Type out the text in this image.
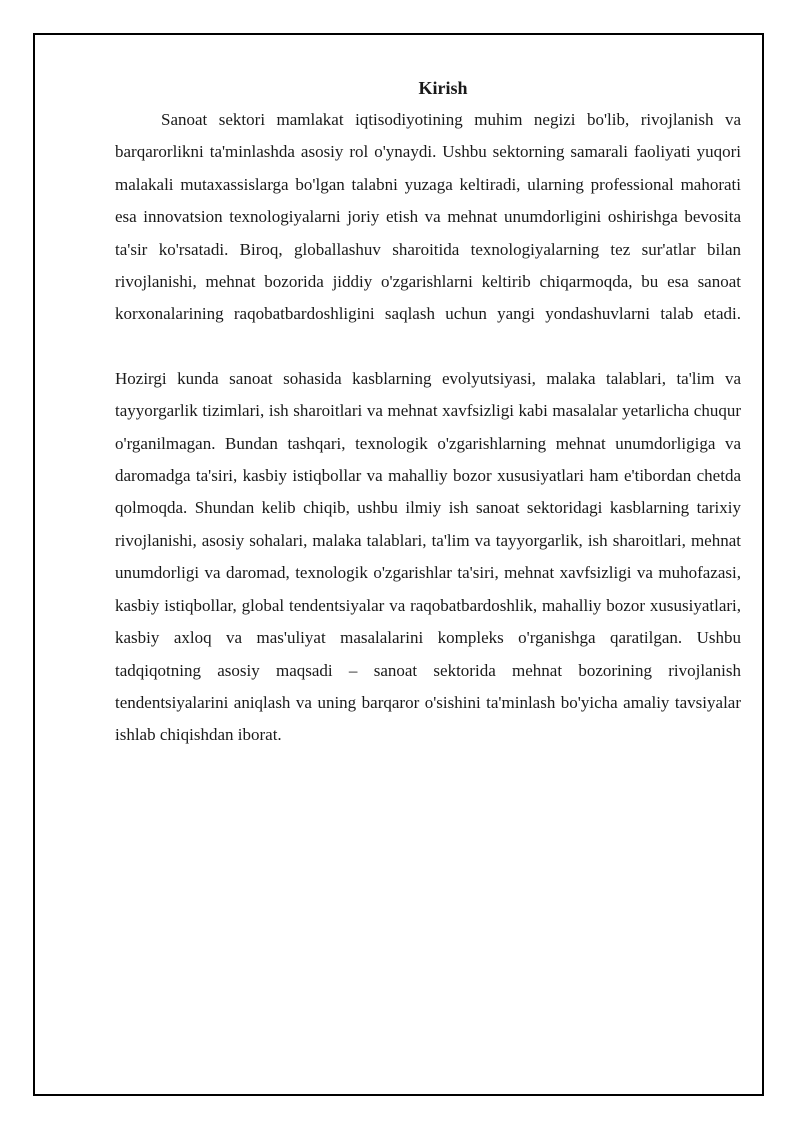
Kirish

Sanoat sektori mamlakat iqtisodiyotining muhim negizi bo'lib, rivojlanish va barqarorlikni ta'minlashda asosiy rol o'ynaydi. Ushbu sektorning samarali faoliyati yuqori malakali mutaxassislarga bo'lgan talabni yuzaga keltiradi, ularning professional mahorati esa innovatsion texnologiyalarni joriy etish va mehnat unumdorligini oshirishga bevosita ta'sir ko'rsatadi. Biroq, globallashuv sharoitida texnologiyalarning tez sur'atlar bilan rivojlanishi, mehnat bozorida jiddiy o'zgarishlarni keltirib chiqarmoqda, bu esa sanoat korxonalarining raqobatbardoshligini saqlash uchun yangi yondashuvlarni talab etadi.

Hozirgi kunda sanoat sohasida kasblarning evolyutsiyasi, malaka talablari, ta'lim va tayyorgarlik tizimlari, ish sharoitlari va mehnat xavfsizligi kabi masalalar yetarlicha chuqur o'rganilmagan. Bundan tashqari, texnologik o'zgarishlarning mehnat unumdorligiga va daromadga ta'siri, kasbiy istiqbollar va mahalliy bozor xususiyatlari ham e'tibordan chetda qolmoqda. Shundan kelib chiqib, ushbu ilmiy ish sanoat sektoridagi kasblarning tarixiy rivojlanishi, asosiy sohalari, malaka talablari, ta'lim va tayyorgarlik, ish sharoitlari, mehnat unumdorligi va daromad, texnologik o'zgarishlar ta'siri, mehnat xavfsizligi va muhofazasi, kasbiy istiqbollar, global tendentsiyalar va raqobatbardoshlik, mahalliy bozor xususiyatlari, kasbiy axloq va mas'uliyat masalalarini kompleks o'rganishga qaratilgan. Ushbu tadqiqotning asosiy maqsadi – sanoat sektorida mehnat bozorining rivojlanish tendentsiyalarini aniqlash va uning barqaror o'sishini ta'minlash bo'yicha amaliy tavsiyalar ishlab chiqishdan iborat.
